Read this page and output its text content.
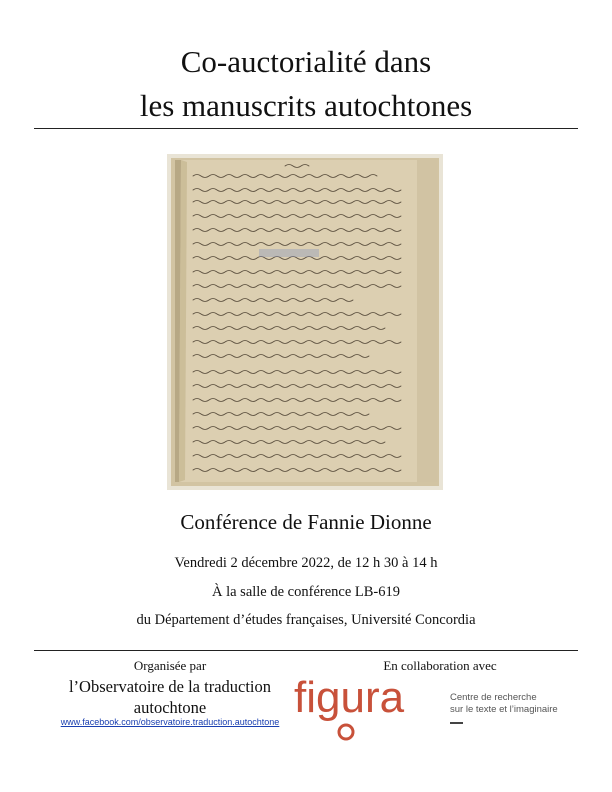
Co-auctorialité dans
les manuscrits autochtones
Conférence de Fannie Dionne
Vendredi 2 décembre 2022, de 12 h 30 à 14 h
À la salle de conférence LB-619
du Département d’études françaises, Université Concordia
Organisée par
l’Observatoire de la traduction
autochtone
www.facebook.com/observatoire.traduction.autochtone
En collaboration avec
figura	Centre de recherche
sur le texte et l’imaginaire
